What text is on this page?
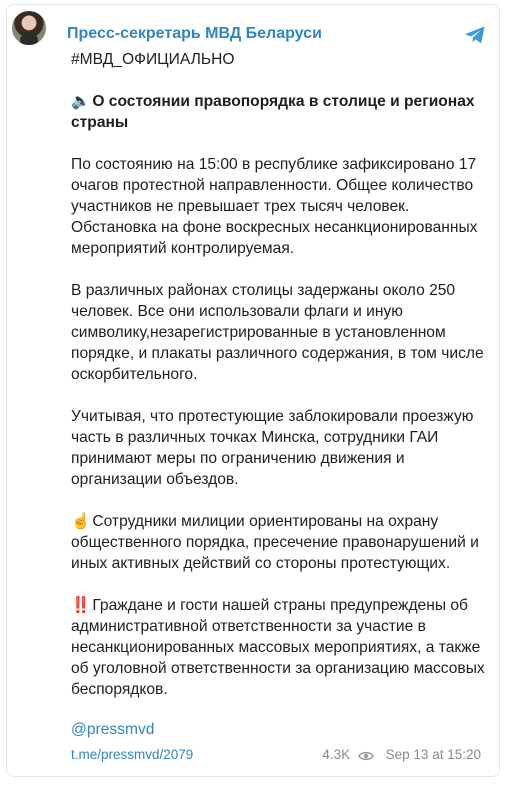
Пресс-секретарь МВД Беларуси

#МВД_ОФИЦИАЛЬНО

🔈 О состоянии правопорядка в столице и регионах страны

По состоянию на 15:00 в республике зафиксировано 17 очагов протестной направленности. Общее количество участников не превышает трех тысяч человек. Обстановка на фоне воскресных несанкционированных мероприятий контролируемая.

В различных районах столицы задержаны около 250 человек. Все они использовали флаги и иную символику,незарегистрированные в установленном порядке, и плакаты различного содержания, в том числе оскорбительного.

Учитывая, что протестующие заблокировали проезжую часть в различных точках Минска, сотрудники ГАИ принимают меры по ограничению движения и организации объездов.

☝️ Сотрудники милиции ориентированы на охрану общественного порядка, пресечение правонарушений и иных активных действий со стороны протестующих.

‼️ Граждане и гости нашей страны предупреждены об административной ответственности за участие в несанкционированных массовых мероприятиях, а также об уголовной ответственности за организацию массовых беспорядков.

@pressmvd
t.me/pressmvd/2079	4.3K	Sep 13 at 15:20
